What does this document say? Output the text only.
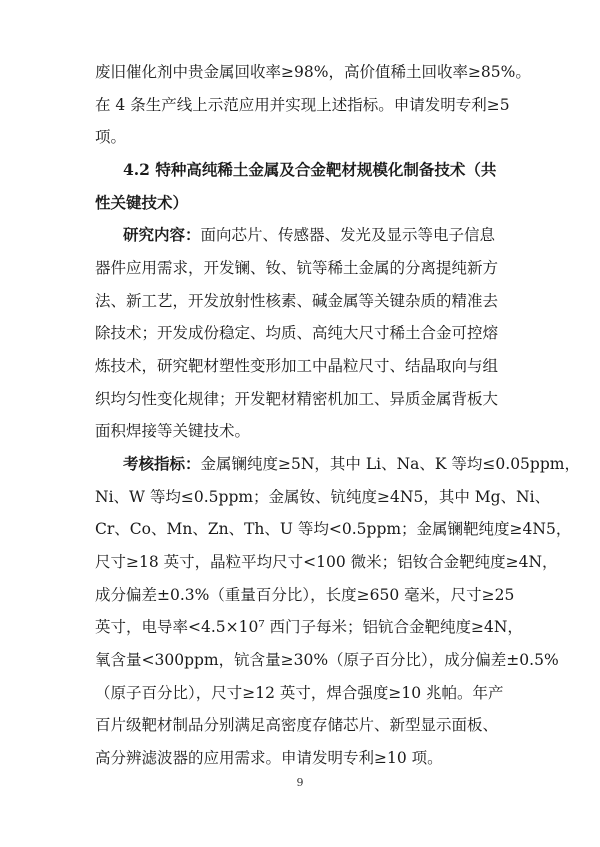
废旧催化剂中贵金属回收率≥98%，高价值稀土回收率≥85%。
在 4 条生产线上示范应用并实现上述指标。申请发明专利≥5
项。
4.2 特种高纯稀土金属及合金靶材规模化制备技术（共
性关键技术）
研究内容：面向芯片、传感器、发光及显示等电子信息
器件应用需求，开发镧、钕、钪等稀土金属的分离提纯新方
法、新工艺，开发放射性核素、碱金属等关键杂质的精准去
除技术；开发成份稳定、均质、高纯大尺寸稀土合金可控熔
炼技术，研究靶材塑性变形加工中晶粒尺寸、结晶取向与组
织均匀性变化规律；开发靶材精密机加工、异质金属背板大
面积焊接等关键技术。
考核指标：金属镧纯度≥5N，其中 Li、Na、K 等均≤0.05ppm，
Ni、W 等均≤0.5ppm；金属钕、钪纯度≥4N5，其中 Mg、Ni、
Cr、Co、Mn、Zn、Th、U 等均<0.5ppm；金属镧靶纯度≥4N5，
尺寸≥18 英寸，晶粒平均尺寸<100 微米；铝钕合金靶纯度≥4N，
成分偏差±0.3%（重量百分比），长度≥650 毫米，尺寸≥25
英寸，电导率<4.5×10⁷ 西门子每米；铝钪合金靶纯度≥4N，
氧含量<300ppm，钪含量≥30%（原子百分比），成分偏差±0.5%
（原子百分比），尺寸≥12 英寸，焊合强度≥10 兆帕。年产
百片级靶材制品分别满足高密度存储芯片、新型显示面板、
高分辨滤波器的应用需求。申请发明专利≥10 项。
9
